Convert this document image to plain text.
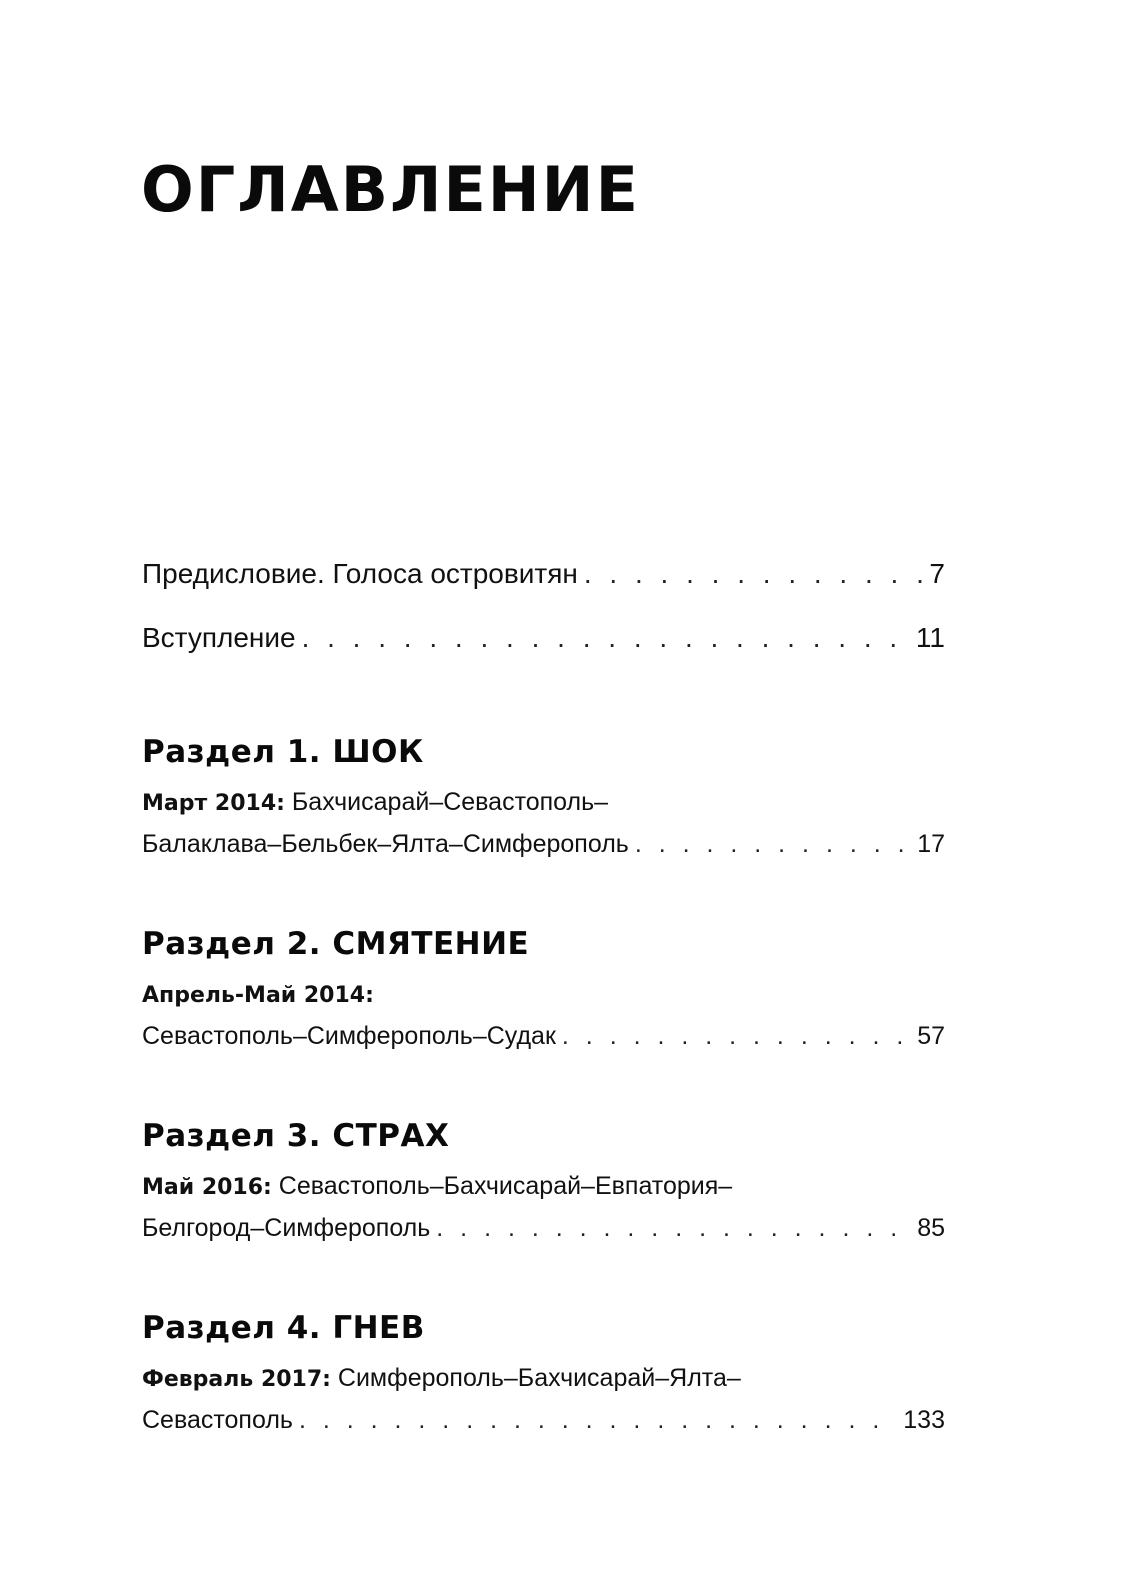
ОГЛАВЛЕНИЕ
Предисловие. Голоса островитян . . .	7
Вступление . . .	11
Раздел 1. ШОК
Март 2014: Бахчисарай–Севастополь–
Балаклава–Бельбек–Ялта–Симферополь . . .	17
Раздел 2. СМЯТЕНИЕ
Апрель-Май 2014:
Севастополь–Симферополь–Судак . . .	57
Раздел 3. СТРАХ
Май 2016: Севастополь–Бахчисарай–Евпатория–
Белгород–Симферополь . . .	85
Раздел 4. ГНЕВ
Февраль 2017: Симферополь–Бахчисарай–Ялта–
Севастополь . . .	133
